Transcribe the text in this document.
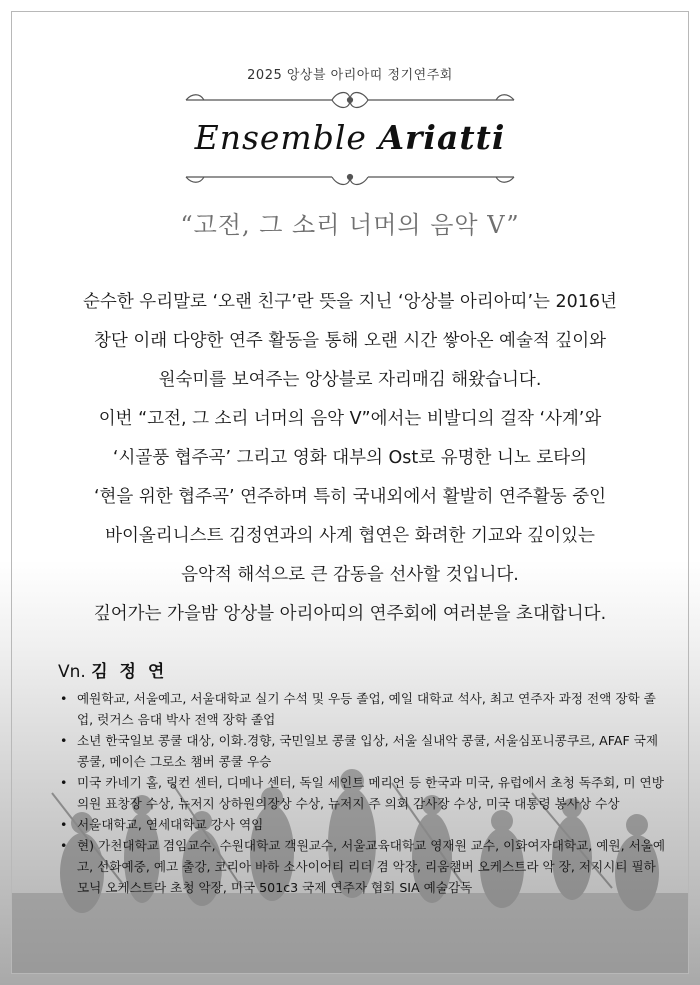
2025 앙상블 아리아띠 정기연주회
Ensemble Ariatti
“고전, 그 소리 너머의 음악 V”
순수한 우리말로 ‘오랜 친구’란 뜻을 지닌 ‘앙상블 아리아띠’는 2016년
창단 이래 다양한 연주 활동을 통해 오랜 시간 쌓아온 예술적 깊이와
원숙미를 보여주는 앙상블로 자리매김 해왔습니다.
이번 “고전, 그 소리 너머의 음악 V”에서는 비발디의 걸작 ‘사계’와
‘시골풍 협주곡’ 그리고 영화 대부의 Ost로 유명한 니노 로타의
‘현을 위한 협주곡’ 연주하며 특히 국내외에서 활발히 연주활동 중인
바이올리니스트 김정연과의 사계 협연은 화려한 기교와 깊이있는
음악적 해석으로 큰 감동을 선사할 것입니다.
깊어가는 가을밤 앙상블 아리아띠의 연주회에 여러분을 초대합니다.
Vn. 김 정 연
• 예원학교, 서울예고, 서울대학교 실기 수석 및 우등 졸업, 예일 대학교 석사, 최고 연주자 과정 전액 장학 졸업, 럿거스 음대 박사 전액 장학 졸업
• 소년 한국일보 콩쿨 대상, 이화.경향, 국민일보 콩쿨 입상, 서울 실내악 콩쿨, 서울심포니콩쿠르, AFAF 국제콩쿨, 메이슨 그로소 챔버 콩쿨 우승
• 미국 카네기 홀, 링컨 센터, 디메나 센터, 독일 세인트 메리언 등 한국과 미국, 유럽에서 초청 독주회, 미 연방 의원 표창장 수상, 뉴저지 상하원의장상 수상, 뉴저지 주 의회 감사장 수상, 미국 대통령 봉사상 수상
• 서울대학교, 연세대학교 강사 역임
• 현) 가천대학교 겸임교수, 수원대학교 객원교수, 서울교육대학교 영재원 교수, 이화여자대학교, 예원, 서울예고, 선화예중, 예고 출강, 코리아 바하 소사이어티 리더 겸 악장, 리움챔버 오케스트라 악 장, 저지시티 필하모닉 오케스트라 초청 악장, 미국 501c3 국제 연주자 협회 SIA 예술감독
